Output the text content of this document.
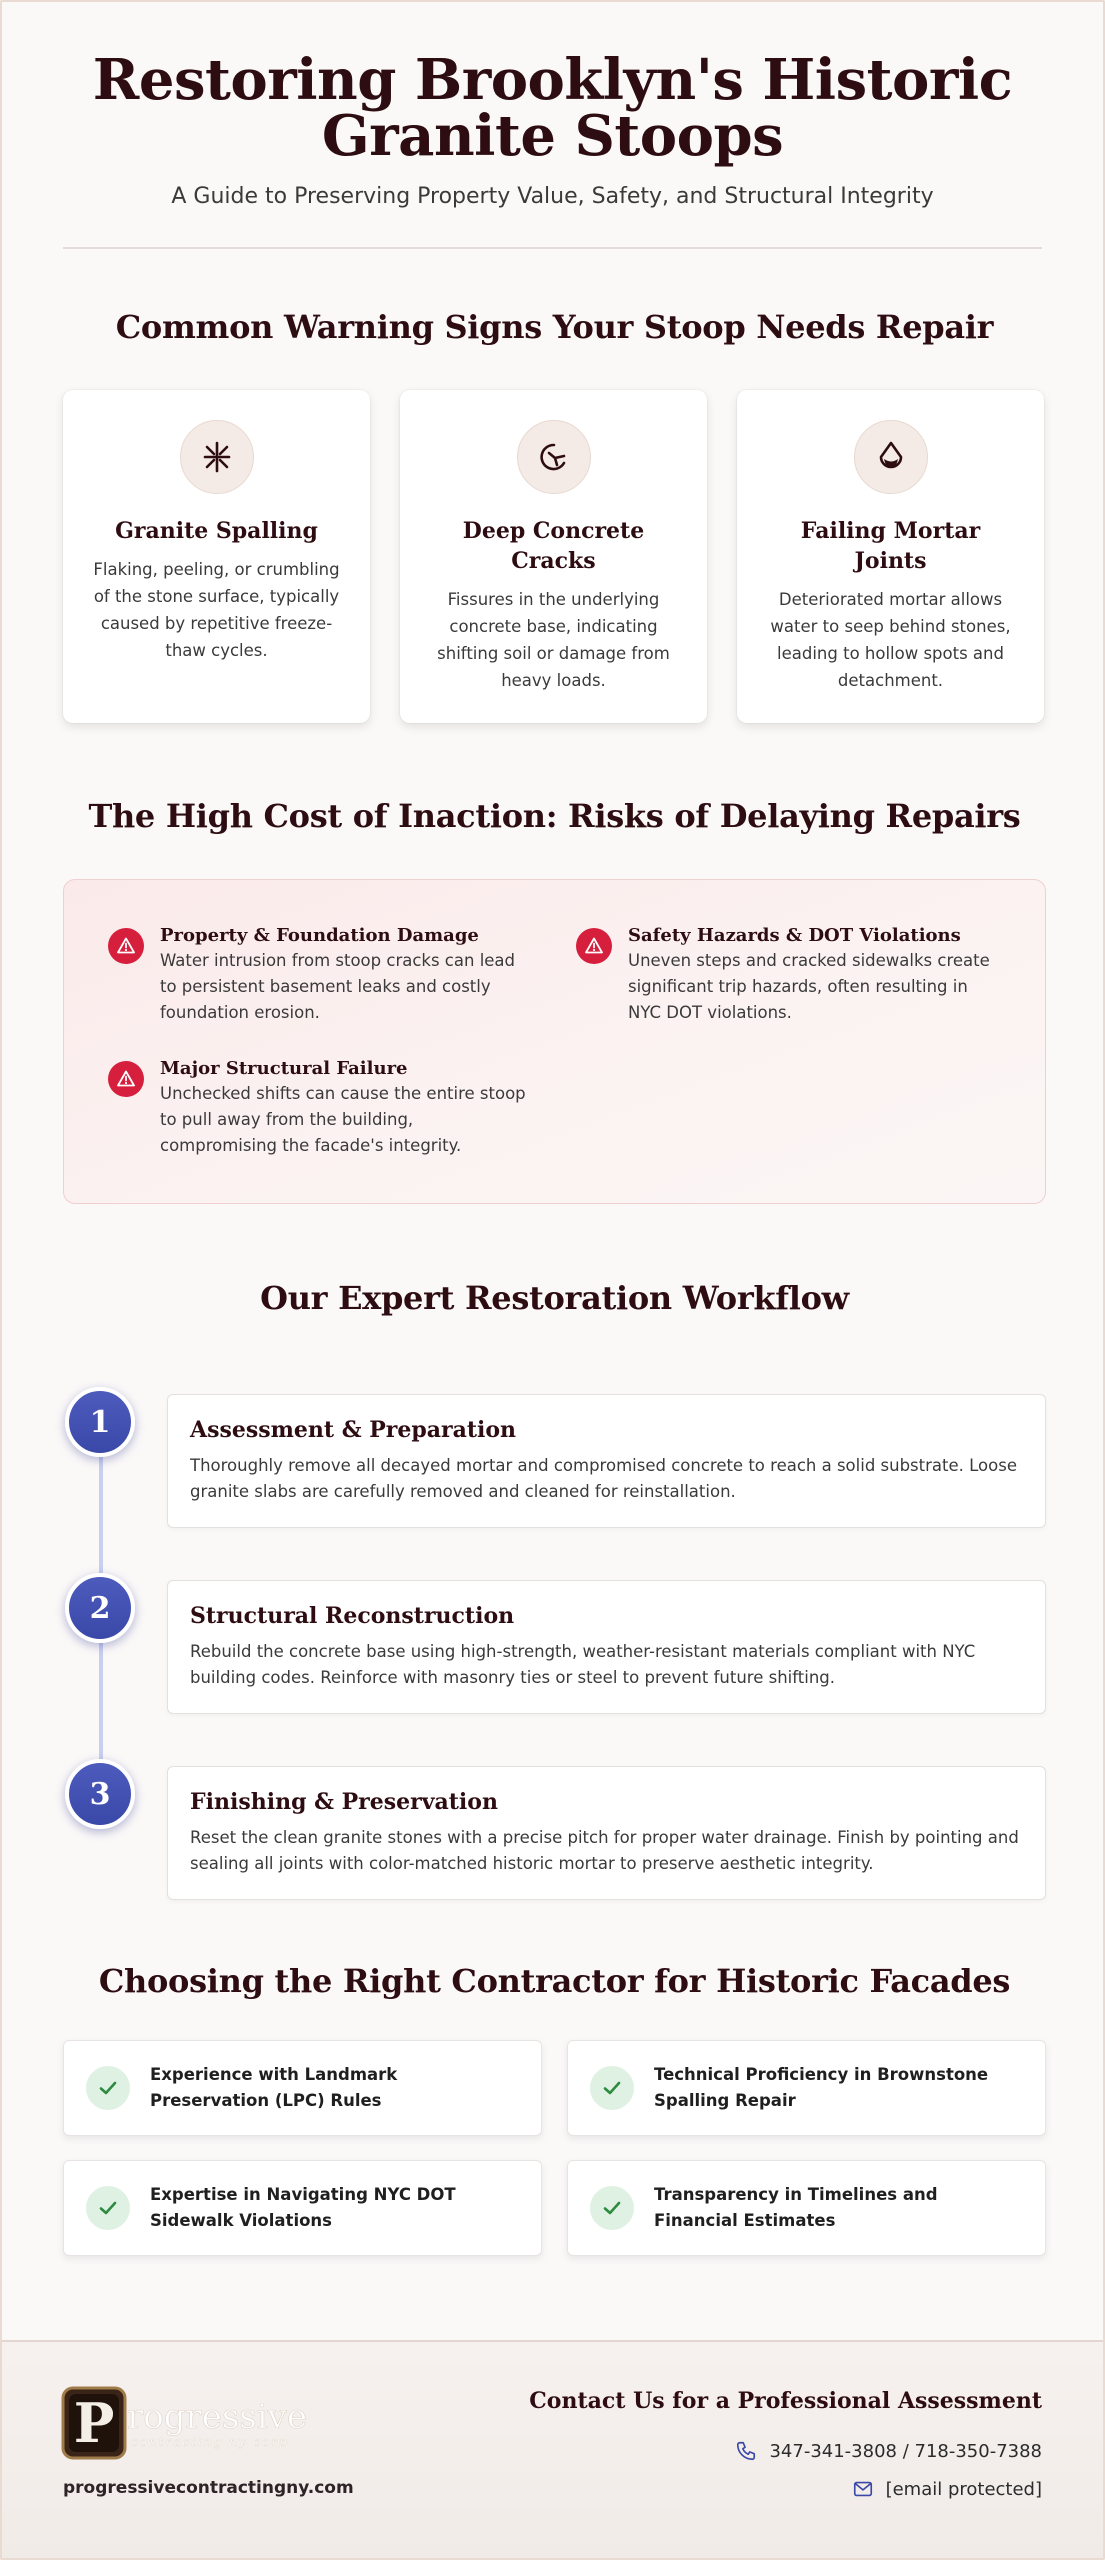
Restoring Brooklyn's Historic
Granite Stoops
A Guide to Preserving Property Value, Safety, and Structural Integrity
Common Warning Signs Your Stoop Needs Repair
Granite Spalling
Flaking, peeling, or crumbling of the stone surface, typically caused by repetitive freeze-thaw cycles.
Deep Concrete Cracks
Fissures in the underlying concrete base, indicating shifting soil or damage from heavy loads.
Failing Mortar Joints
Deteriorated mortar allows water to seep behind stones, leading to hollow spots and detachment.
The High Cost of Inaction: Risks of Delaying Repairs
Property & Foundation Damage
Water intrusion from stoop cracks can lead to persistent basement leaks and costly foundation erosion.
Safety Hazards & DOT Violations
Uneven steps and cracked sidewalks create significant trip hazards, often resulting in NYC DOT violations.
Major Structural Failure
Unchecked shifts can cause the entire stoop to pull away from the building, compromising the facade's integrity.
Our Expert Restoration Workflow
1	Assessment & Preparation
Thoroughly remove all decayed mortar and compromised concrete to reach a solid substrate. Loose granite slabs are carefully removed and cleaned for reinstallation.
2	Structural Reconstruction
Rebuild the concrete base using high-strength, weather-resistant materials compliant with NYC building codes. Reinforce with masonry ties or steel to prevent future shifting.
3	Finishing & Preservation
Reset the clean granite stones with a precise pitch for proper water drainage. Finish by pointing and sealing all joints with color-matched historic mortar to preserve aesthetic integrity.
Choosing the Right Contractor for Historic Facades
Experience with Landmark Preservation (LPC) Rules
Technical Proficiency in Brownstone Spalling Repair
Expertise in Navigating NYC DOT Sidewalk Violations
Transparency in Timelines and Financial Estimates
P rogressive
contracting ny corp
progressivecontractingny.com
Contact Us for a Professional Assessment
347-341-3808 / 718-350-7388
[email protected]
